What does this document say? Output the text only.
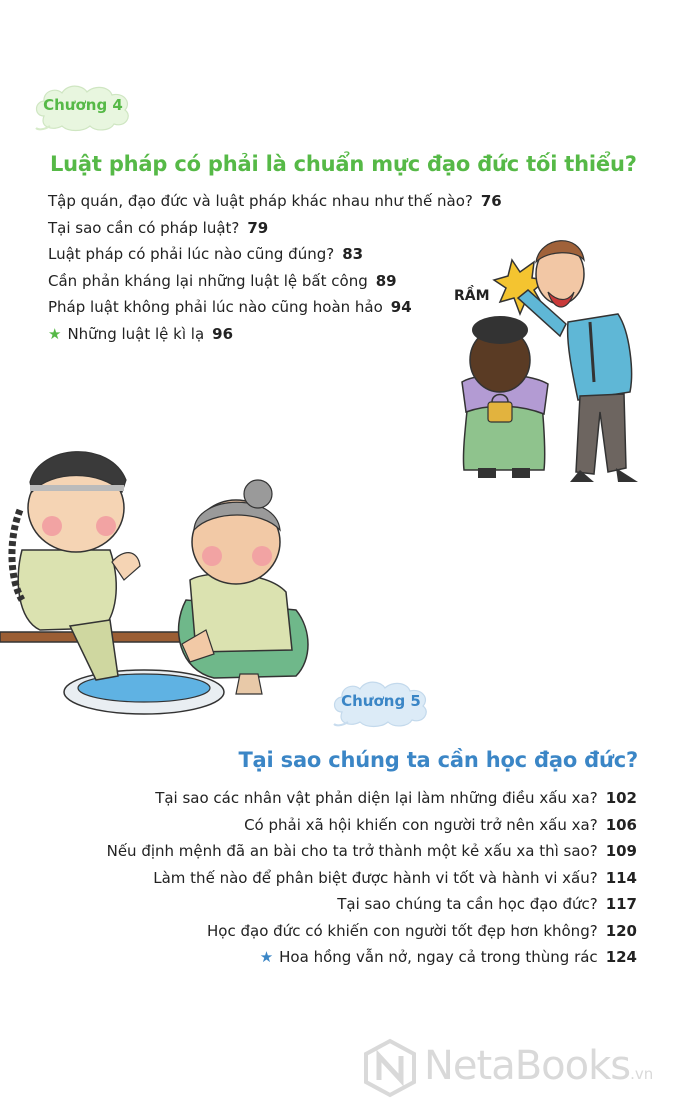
Chương 4
Luật pháp có phải là chuẩn mực đạo đức tối thiểu?
Tập quán, đạo đức và luật pháp khác nhau như thế nào? 76
Tại sao cần có pháp luật? 79
Luật pháp có phải lúc nào cũng đúng? 83
Cần phản kháng lại những luật lệ bất công 89
Pháp luật không phải lúc nào cũng hoàn hảo 94
★ Những luật lệ kì lạ 96
RẦM
Chương 5
Tại sao chúng ta cần học đạo đức?
Tại sao các nhân vật phản diện lại làm những điều xấu xa? 102
Có phải xã hội khiến con người trở nên xấu xa? 106
Nếu định mệnh đã an bài cho ta trở thành một kẻ xấu xa thì sao? 109
Làm thế nào để phân biệt được hành vi tốt và hành vi xấu? 114
Tại sao chúng ta cần học đạo đức? 117
Học đạo đức có khiến con người tốt đẹp hơn không? 120
★ Hoa hồng vẫn nở, ngay cả trong thùng rác 124
NetaBooks.vn
